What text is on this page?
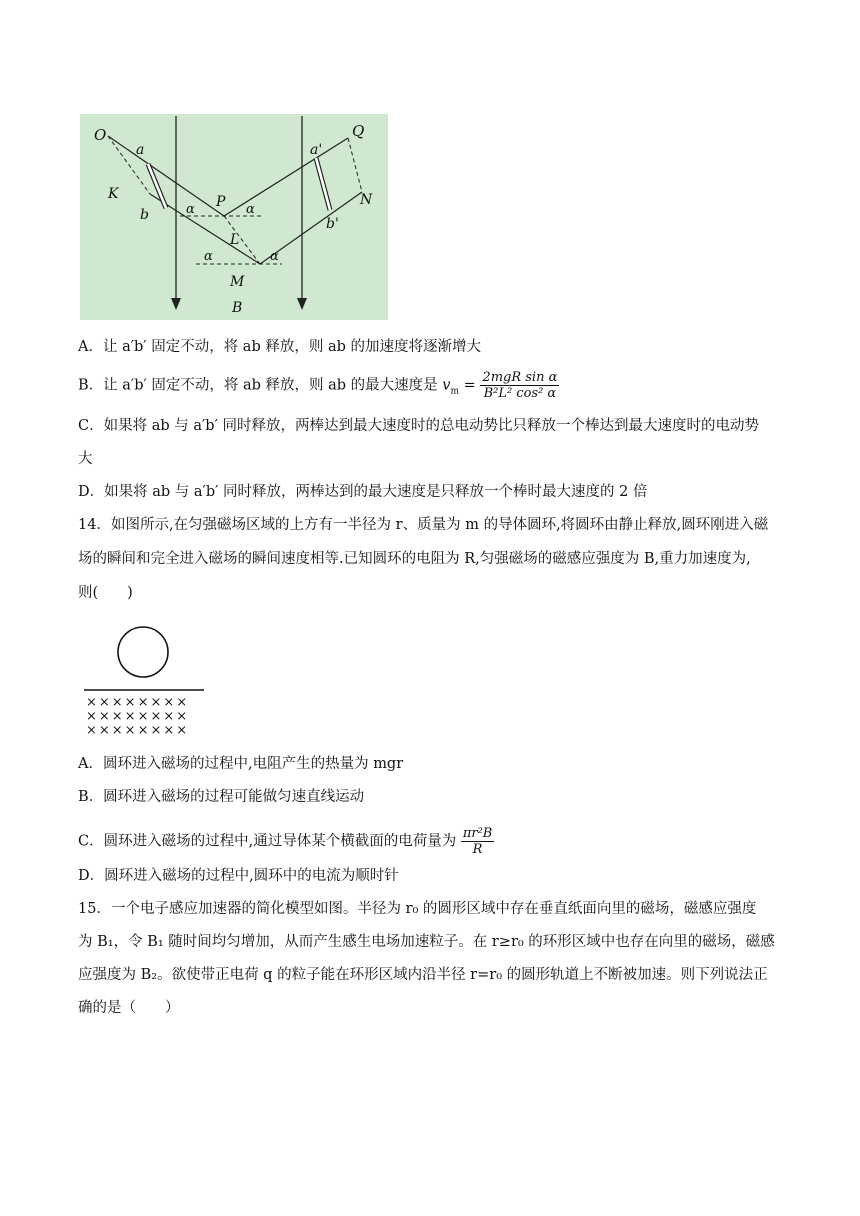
O	Q
K	N
a
b
a'
b'
P
L
M
B
α	α
α	α
A．让 a′b′ 固定不动，将 ab 释放，则 ab 的加速度将逐渐增大
B．让 a′b′ 固定不动，将 ab 释放，则 ab 的最大速度是 $v_m = \frac{\text{2mgR sin α}}{\text{B²L² cos² α}}$
C．如果将 ab 与 a′b′ 同时释放，两棒达到最大速度时的总电动势比只释放一个棒达到最大速度时的电动势
大
D．如果将 ab 与 a′b′ 同时释放，两棒达到的最大速度是只释放一个棒时最大速度的 2 倍
14．如图所示,在匀强磁场区域的上方有一半径为 r、质量为 m 的导体圆环,将圆环由静止释放,圆环刚进入磁
场的瞬间和完全进入磁场的瞬间速度相等.已知圆环的电阻为 R,匀强磁场的磁感应强度为 B,重力加速度为,
则(　　)
××××××××
××××××××
××××××××
A．圆环进入磁场的过程中,电阻产生的热量为 mgr
B．圆环进入磁场的过程可能做匀速直线运动
C．圆环进入磁场的过程中,通过导体某个横截面的电荷量为 $\frac{\text{πr²B}}{R}$
D．圆环进入磁场的过程中,圆环中的电流为顺时针
15．一个电子感应加速器的简化模型如图。半径为 r₀ 的圆形区域中存在垂直纸面向里的磁场，磁感应强度
为 B₁，令 B₁ 随时间均匀增加，从而产生感生电场加速粒子。在 r≥r₀ 的环形区域中也存在向里的磁场，磁感
应强度为 B₂。欲使带正电荷 q 的粒子能在环形区域内沿半径 r=r₀ 的圆形轨道上不断被加速。则下列说法正
确的是（　　）
